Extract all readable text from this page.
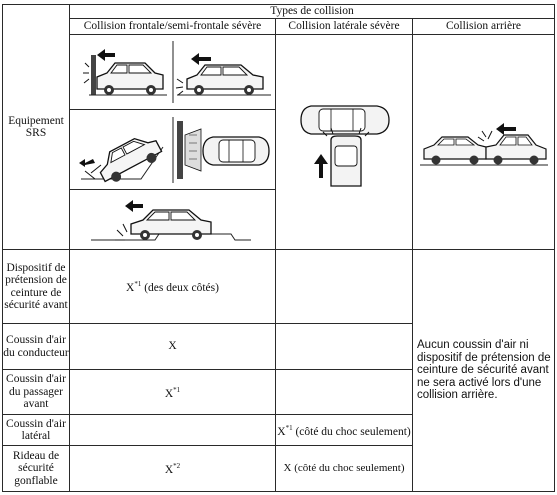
Equipement
SRS	Types de collision		
	Collision frontale/semi-frontale sévère	Collision latérale sévère	Collision arrière

Dispositif de prétension de ceinture de sécurité avant	$X^{*1}$ (des deux côtés)		Aucun coussin d'air ni dispositif de prétension de ceinture de sécurité avant ne sera activé lors d'une collision arrière.
Coussin d'air du conducteur	X		
Coussin d'air du passager avant	$X^{*1}$	
Coussin d'air latéral		$X^{*1}$ (côté du choc seulement)	
Rideau de sécurité gonflable	$X^{*2}$	X (côté du choc seulement)	
